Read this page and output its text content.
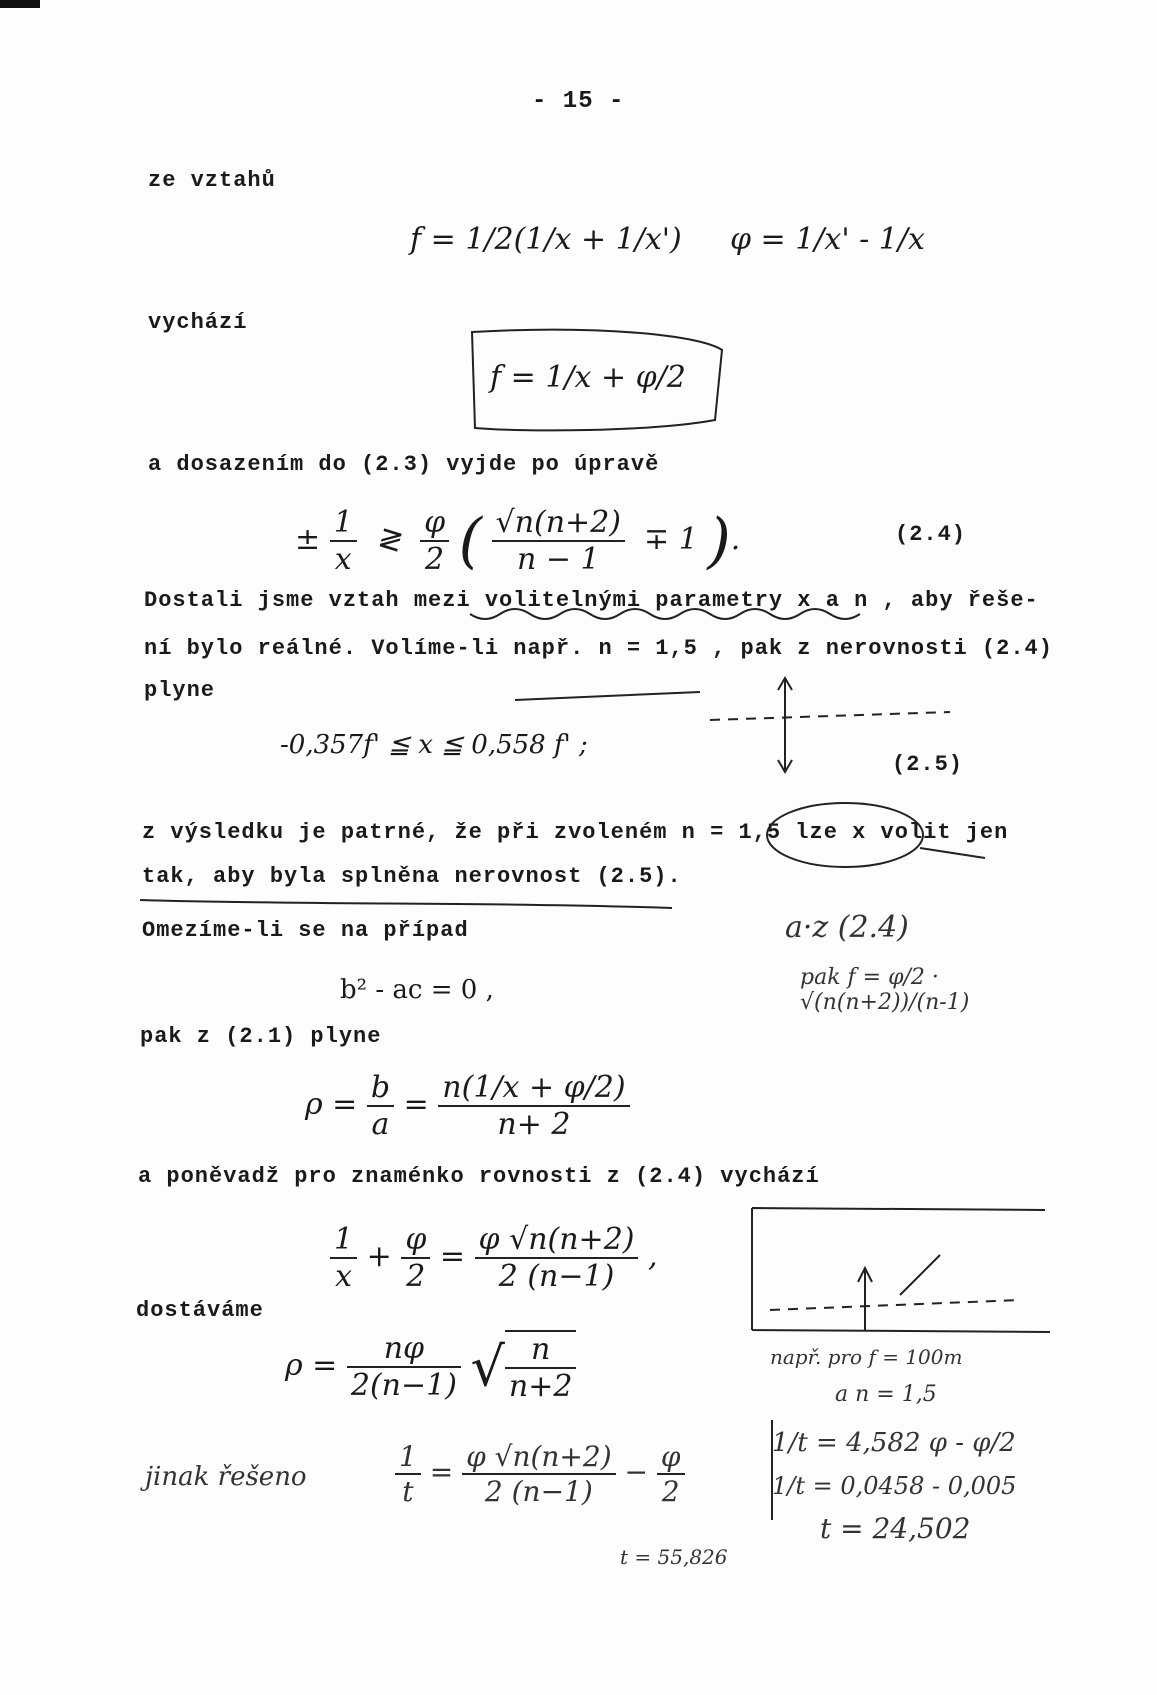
- 15 -
ze vztahů
f = 1/2(1/x + 1/x') φ = 1/x' - 1/x
vychází
f = 1/x + φ/2
a dosazením do (2.3) vyjde po úpravě
± $\frac{1}{x}$ ≷ $\frac{\varphi}{2}$ ( $\frac{√n(n+2)}{n - 1} \mp 1$ ).	(2.4)
Dostali jsme vztah mezi volitelnými parametry x a n , aby řeše-
ní bylo reálné. Volíme-li např. n = 1,5 , pak z nerovnosti (2.4)
plyne
-0,357f' ≦ x ≦ 0,558 f' ;
(2.5)
z výsledku je patrné, že při zvoleném n = 1,5 lze x volit jen
tak, aby byla splněna nerovnost (2.5).
Omezíme-li se na případ
b² - ac = 0 ,
pak z (2.1) plyne
$\rho = \frac{b}{a} = \frac{n(1/x + \varphi/2)}{n+ 2}$
a poněvadž pro znaménko rovnosti z (2.4) vychází
$\frac{1}{x} + \frac{\varphi}{2} = \frac{\varphi √n(n+2)}{2 (n-1)}$ ,
dostáváme
$\rho = \frac{n\varphi}{2(n-1)}$ √ $\frac{n}{n+2}$
jinak řešeno	$\frac{1}{t} = \frac{\varphi √n(n+2)}{2 (n-1)} - \frac{\varphi}{2}$
t = 55,826
a·z (2.4)
pak f = φ/2 · √(n(n+2))/(n-1)
např. pro f = 100m
a n = 1,5
1/t = 4,582 φ - φ/2
1/t = 0,0458 - 0,005
t = 24,502
